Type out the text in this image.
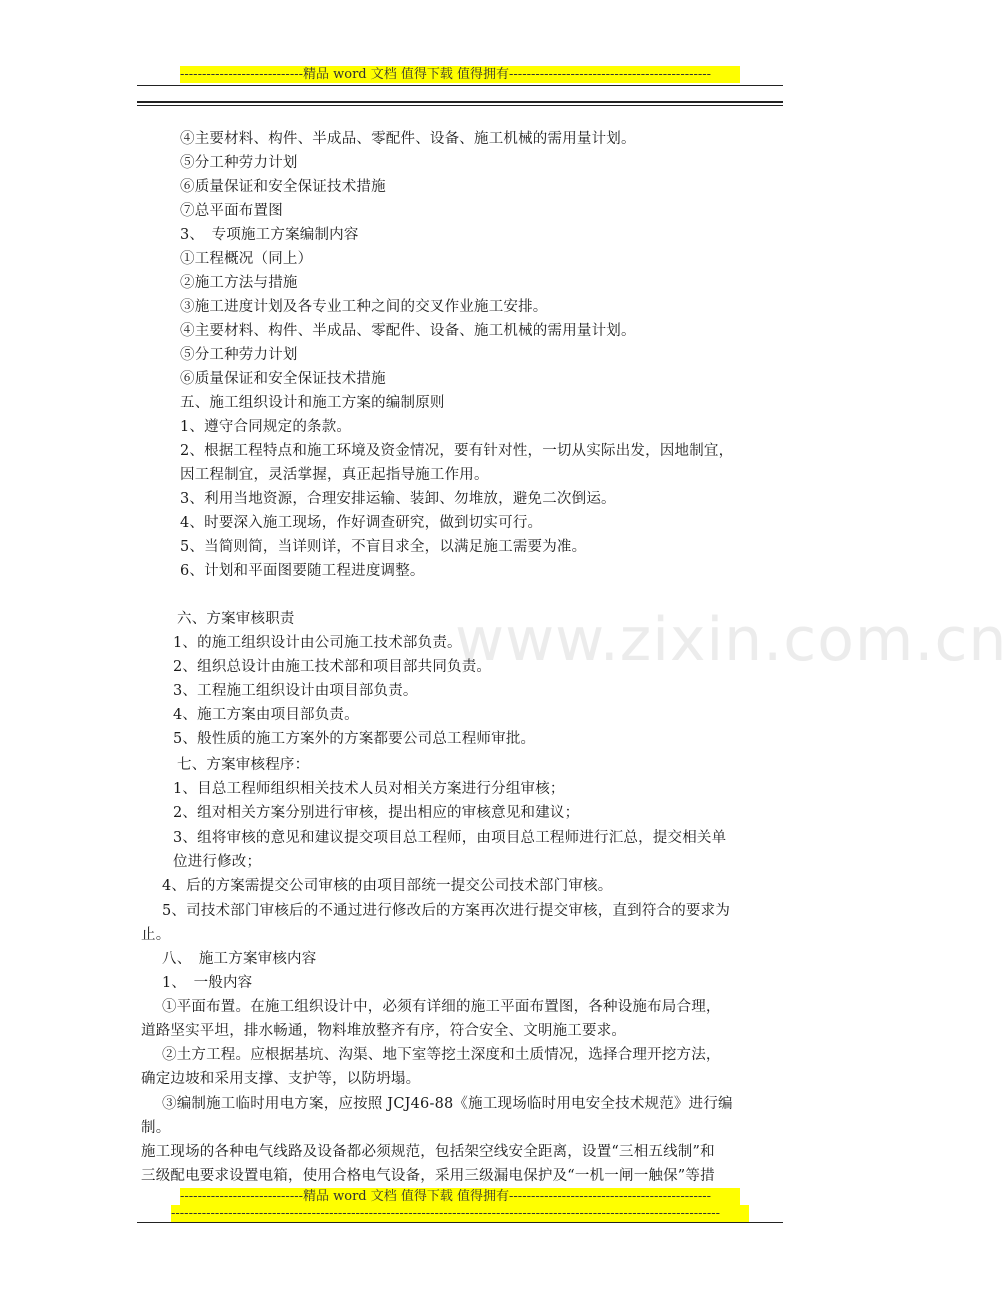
----------------------------精品 word 文档 值得下载 值得拥有----------------------------------------------
www.zixin.com.cn
④主要材料、构件、半成品、零配件、设备、施工机械的需用量计划。
⑤分工种劳力计划
⑥质量保证和安全保证技术措施
⑦总平面布置图
3、　专项施工方案编制内容
①工程概况（同上）
②施工方法与措施
③施工进度计划及各专业工种之间的交叉作业施工安排。
④主要材料、构件、半成品、零配件、设备、施工机械的需用量计划。
⑤分工种劳力计划
⑥质量保证和安全保证技术措施
五、施工组织设计和施工方案的编制原则
1、遵守合同规定的条款。
2、根据工程特点和施工环境及资金情况，要有针对性，一切从实际出发，因地制宜，
因工程制宜，灵活掌握，真正起指导施工作用。
3、利用当地资源，合理安排运输、装卸、勿堆放，避免二次倒运。
4、时要深入施工现场，作好调查研究，做到切实可行。
5、当简则简，当详则详，不盲目求全，以满足施工需要为准。
6、计划和平面图要随工程进度调整。
六、方案审核职责
1、的施工组织设计由公司施工技术部负责。
2、组织总设计由施工技术部和项目部共同负责。
3、工程施工组织设计由项目部负责。
4、施工方案由项目部负责。
5、般性质的施工方案外的方案都要公司总工程师审批。
七、方案审核程序：
1、目总工程师组织相关技术人员对相关方案进行分组审核；
2、组对相关方案分别进行审核，提出相应的审核意见和建议；
3、组将审核的意见和建议提交项目总工程师，由项目总工程师进行汇总，提交相关单
位进行修改；
4、后的方案需提交公司审核的由项目部统一提交公司技术部门审核。
5、司技术部门审核后的不通过进行修改后的方案再次进行提交审核，直到符合的要求为
止。
八、　施工方案审核内容
1、　一般内容
①平面布置。在施工组织设计中，必须有详细的施工平面布置图，各种设施布局合理，
道路坚实平坦，排水畅通，物料堆放整齐有序，符合安全、文明施工要求。
②土方工程。应根据基坑、沟渠、地下室等挖土深度和土质情况，选择合理开挖方法，
确定边坡和采用支撑、支护等，以防坍塌。
③编制施工临时用电方案，应按照 JCJ46-88《施工现场临时用电安全技术规范》进行编
制。
施工现场的各种电气线路及设备都必须规范，包括架空线安全距离，设置“三相五线制”和
三级配电要求设置电箱，使用合格电气设备，采用三级漏电保护及“一机一闸一触保”等措
----------------------------精品 word 文档 值得下载 值得拥有----------------------------------------------
-----------------------------------------------------------------------------------------------------------------------------
